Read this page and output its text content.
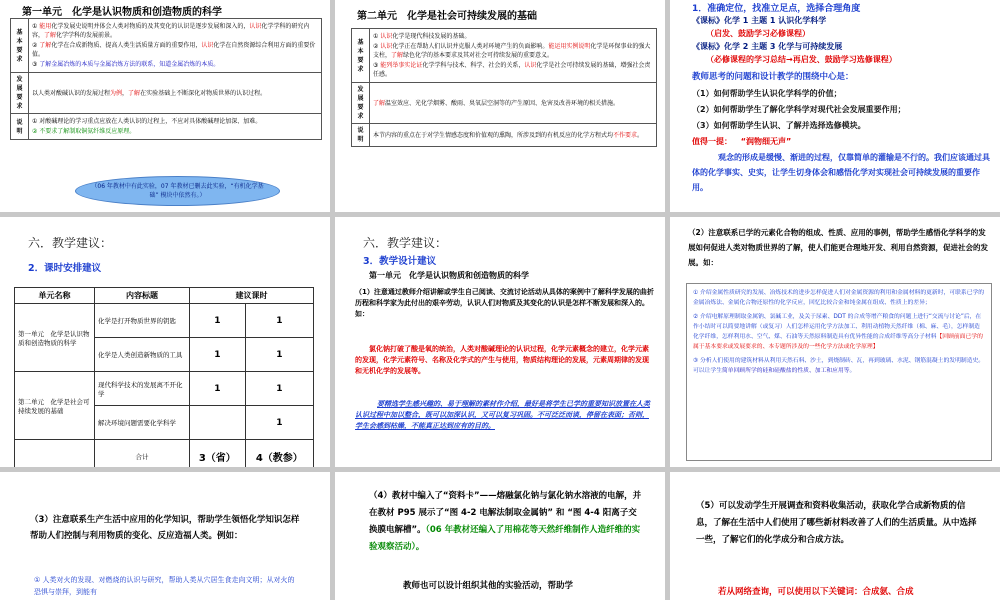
第一单元　化学是认识物质和创造物质的科学
基本要求	① 能用化学发展史说明并体会人类对物质的及其变化的认识是逐步发展和深入的，认识化学学科的研究内容，了解化学学科的发展前景。
② 了解化学在合成新物质、提高人类生活质量方面的重要作用，认识化学在自然资源综合利用方面的重要价值。
③ 了解金属冶炼的本质与金属冶炼方法的联系，知道金属冶炼的本质。

发展要求	以人类对酸碱认识的发展过程为例，了解在实验基础上不断深化对物质世界的认识过程。

说明	① 对酸碱理论的学习重点应放在人类认识的过程上，不应对具体酸碱理论加深、加难。
② 不要求了解制取铜氨纤维反应原理。
（06 年教材中有此实验，07 年教材已删去此实验，“有机化学基础” 模块中依然有。）
第二单元　化学是社会可持续发展的基础
基本要求	① 认识化学是现代科技发展的基础。
② 认识化学正在帮助人们认识并克服人类对环境产生的负面影响。能运用实例说明化学是环保事业的强大支柱，了解绿色化学的基本要求及其对社会可持续发展的重要意义。
③ 能列举事实论证化学学科与技术、科学、社会的关系，认识化学是社会可持续发展的基础，增强社会责任感。

发展要求	了解温室效应、光化学烟雾、酸雨、臭氧层空洞等的产生原因、危害及改善环境的相关措施。

说明	本节内容的重点在于对学生情感态度和价值观的熏陶，所涉及到的有机反应的化学方程式均不作要求。
1．准确定位，找准立足点，选择合理角度
《课标》化学 1 主题 1 认识化学科学
（启发、鼓励学习必修课程）
《课标》化学 2 主题 3 化学与可持续发展
（必修课程的学习总结→再启发、鼓励学习选修课程）
教师思考的问题和设计教学的围绕中心是：
（1）如何帮助学生认识化学科学的价值；
（2）如何帮助学生了解化学科学对现代社会发展重要作用；
（3）如何帮助学生认识、了解并选择选修模块。
值得一提： “润物细无声”
观念的形成是缓慢、渐进的过程，仅靠简单的灌输是不行的。我们应该通过具体的化学事实、史实，让学生切身体会和感悟化学对实现社会可持续发展的重要作用。
六．教学建议：
2．课时安排建议
单元名称	内容标题	建议课时	
第一单元　化学是认识物质和创造物质的科学	化学是打开物质世界的钥匙	1	1
	化学是人类创造新物质的工具	1	1
第二单元　化学是社会可持续发展的基础	现代科学技术的发展离不开化学	1	1
	解决环境问题需要化学科学		1
	合计	3（省）	4（教参）
六．教学建议：
3．教学设计建议
第一单元　化学是认识物质和创造物质的科学
（1）注意通过教师介绍讲解或学生自己阅读、交流讨论活动从具体的案例中了解科学发展的曲折历程和科学家为此付出的艰辛劳动，认识人们对物质及其变化的认识是怎样不断发展和深入的。如：
氯化钠打破了酸是氧的统治，人类对酸碱理论的认识过程，化学元素概念的建立，化学元素的发现，化学元素符号、名称及化学式的产生与使用，物质结构理论的发展，元素周期律的发现和无机化学的发展等。
要精选学生感兴趣的、易于理解的素材作介绍，最好是将学生已学的重要知识放置在人类认识过程中加以整合，既可以加深认识，又可以复习巩固。不可泛泛而谈，停留在表面；否则，学生会感到枯燥，不能真正达到应有的目的。
（2）注意联系已学的元素化合物的组成、性质、应用的事例，帮助学生感悟化学科学的发展如何促进人类对物质世界的了解，使人们能更合理地开发、利用自然资源，促进社会的发展。如：
① 介绍金属性质研究的发展、冶炼技术的进步怎样促进人们对金属资源的利用和金属材料的更新时，可联系已学的金属冶炼法、金属化合物还原性的化学反应，回忆比较合金和纯金属在组成、性质上的差异；
② 介绍电解原理制取金属钠、氯碱工业，及关于尿素、DDT 的合成等增产粮食的问题上进行“交流与讨论”后，在作小结时可以简要地讲解（或复习）人们怎样运用化学方法加工、利用动植物天然纤维（棉、麻、毛），怎样制造化学纤维，怎样利用水、空气、煤、石油等天然原料制造具有优异性能的合成纤维等高分子材料【回顾前面已学的属于基本要求或发展要求的、本专题所涉及的一些化学方法或化学原理】
③ 分析人们使用的建筑材料从利用天然石料、沙土，到烧制砖、瓦，再到玻璃、水泥、钢筋混凝土的发明制造史。可以让学生简单回顾所学的硅和硅酸盐的性质、加工和应用等。
（3）注意联系生产生活中应用的化学知识，帮助学生领悟化学知识怎样帮助人们控制与利用物质的变化、反应造福人类。例如：
① 人类对火的发现、对燃烧的认识与研究，帮助人类从穴居生食走向文明；从对火的恐惧与崇拜，到能有
（4）教材中编入了“资料卡”——熔融氯化钠与氯化钠水溶液的电解，并在教材 P95 展示了“图 4-2 电解法制取金属钠” 和 “图 4-4 阳离子交换膜电解槽”。（06 年教材还编入了用棉花等天然纤维制作人造纤维的实验观察活动）。
教师也可以设计组织其他的实验活动，帮助学
（5）可以发动学生开展调查和资料收集活动，获取化学合成新物质的信息，了解在生活中人们使用了哪些新材料改善了人们的生活质量。从中选择一些，了解它们的化学成分和合成方法。
若从网络查询，可以使用以下关键词：合成氨、合成
